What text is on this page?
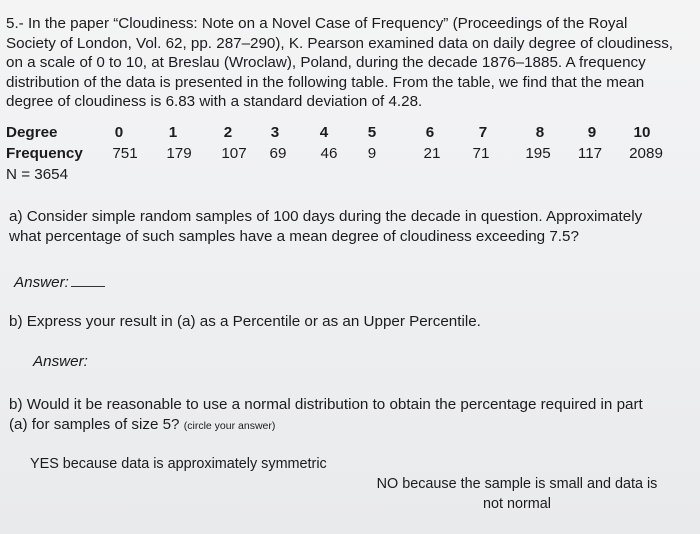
5.- In the paper “Cloudiness: Note on a Novel Case of Frequency” (Proceedings of the Royal Society of London, Vol. 62, pp. 287–290), K. Pearson examined data on daily degree of cloudiness, on a scale of 0 to 10, at Breslau (Wroclaw), Poland, during the decade 1876–1885. A frequency distribution of the data is presented in the following table. From the table, we find that the mean degree of cloudiness is 6.83 with a standard deviation of 4.28.

Degree	0	1	2	3	4	5	6	7	8	9 10
Frequency 751 179 107 69 46 9	21 71 195 117 2089
N = 3654
a) Consider simple random samples of 100 days during the decade in question. Approximately what percentage of such samples have a mean degree of cloudiness exceeding 7.5?
Answer:
b) Express your result in (a) as a Percentile or as an Upper Percentile.
Answer:
b) Would it be reasonable to use a normal distribution to obtain the percentage required in part (a) for samples of size 5? (circle your answer)
YES because data is approximately symmetric
NO because the sample is small and data is not normal
